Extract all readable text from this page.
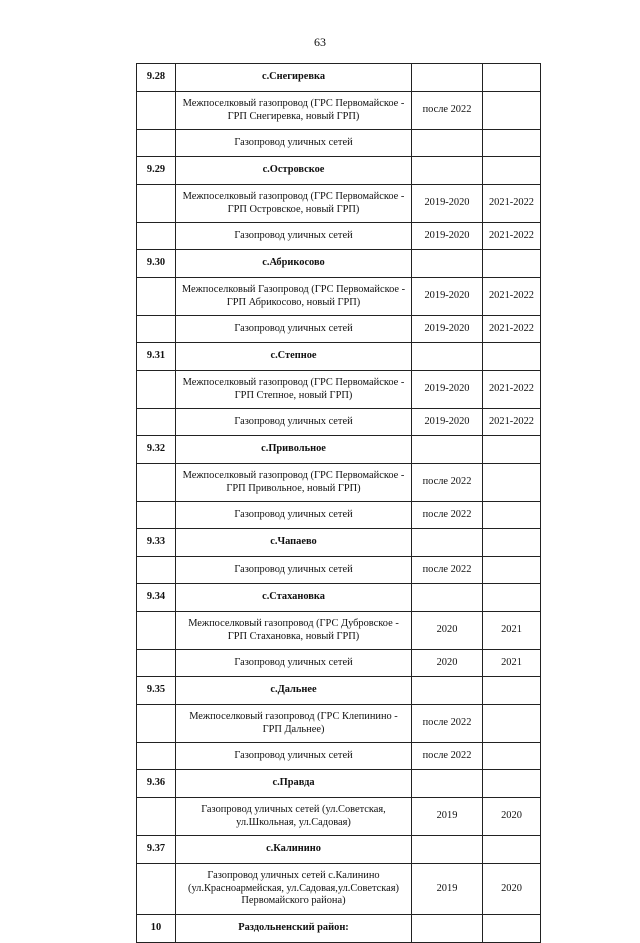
63
9.28	с.Снегиревка		
	Межпоселковый газопровод (ГРС Первомайское - ГРП Снегиревка, новый ГРП)	после 2022	
	Газопровод уличных сетей		
9.29	с.Островское		
	Межпоселковый газопровод (ГРС Первомайское - ГРП Островское, новый ГРП)	2019-2020	2021-2022
	Газопровод уличных сетей	2019-2020	2021-2022
9.30	с.Абрикосово		
	Межпоселковый Газопровод (ГРС Первомайское - ГРП Абрикосово, новый ГРП)	2019-2020	2021-2022
	Газопровод уличных сетей	2019-2020	2021-2022
9.31	с.Степное		
	Межпоселковый газопровод (ГРС Первомайское - ГРП Степное, новый ГРП)	2019-2020	2021-2022
	Газопровод уличных сетей	2019-2020	2021-2022
9.32	с.Привольное		
	Межпоселковый газопровод (ГРС Первомайское - ГРП Привольное, новый ГРП)	после 2022	
	Газопровод уличных сетей	после 2022	
9.33	с.Чапаево		
	Газопровод уличных сетей	после 2022	
9.34	с.Стахановка		
	Межпоселковый газопровод (ГРС Дубровское - ГРП Стахановка, новый ГРП)	2020	2021
	Газопровод уличных сетей	2020	2021
9.35	с.Дальнее		
	Межпоселковый газопровод (ГРС Клепинино - ГРП Дальнее)	после 2022	
	Газопровод уличных сетей	после 2022	
9.36	с.Правда		
	Газопровод уличных сетей (ул.Советская, ул.Школьная, ул.Садовая)	2019	2020
9.37	с.Калинино		
	Газопровод уличных сетей с.Калинино (ул.Красноармейская, ул.Садовая,ул.Советская) Первомайского района)	2019	2020
10	Раздольненский район:		
